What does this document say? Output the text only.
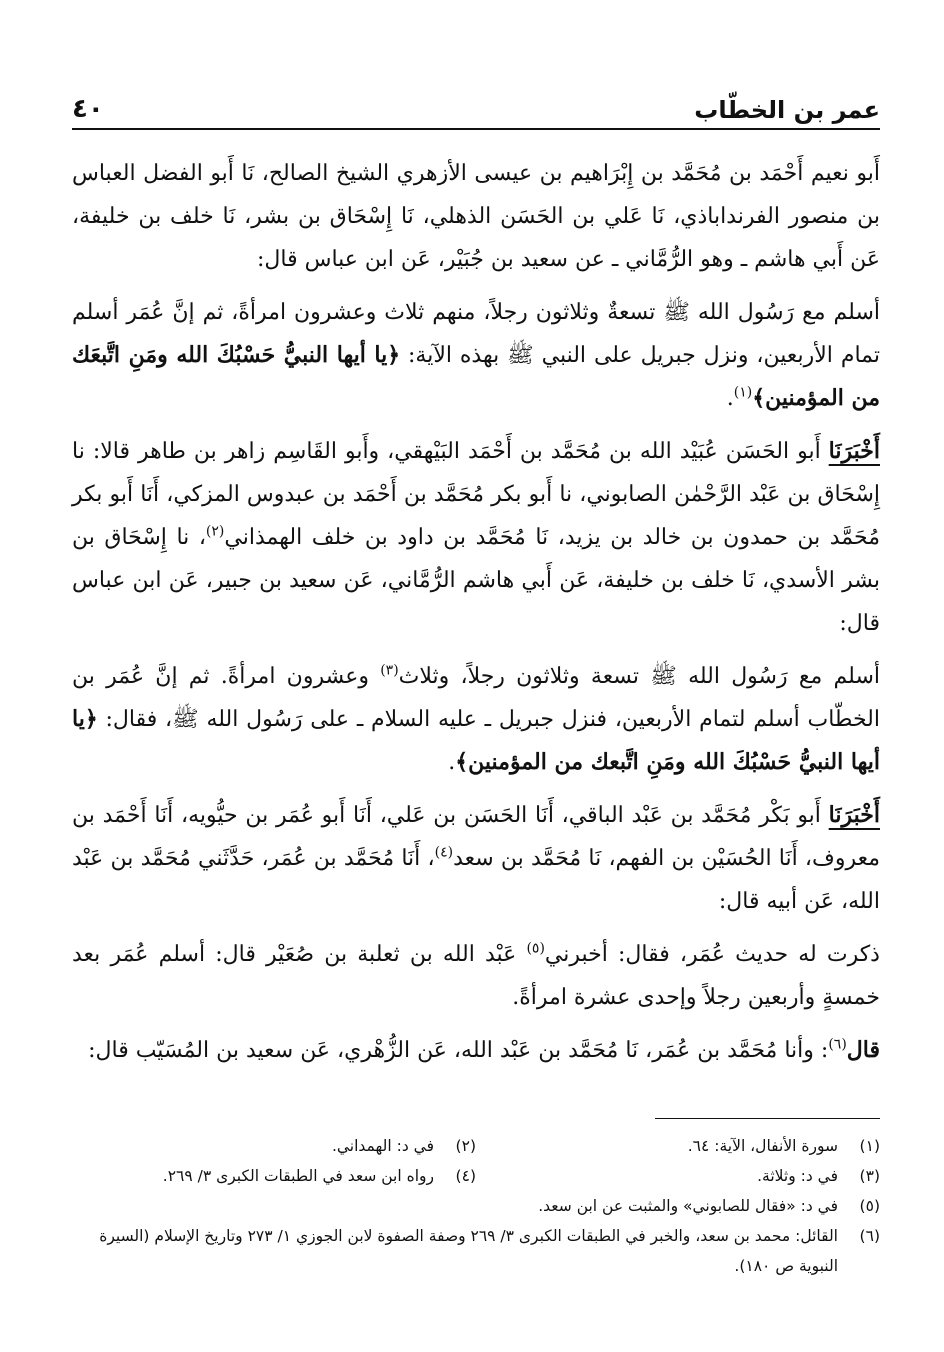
عمر بن الخطّاب
٤٠

أَبو نعيم أَحْمَد بن مُحَمَّد بن إِبْرَاهيم بن عيسى الأزهري الشيخ الصالح، نَا أَبو الفضل العباس بن منصور الفرنداباذي، نَا عَلي بن الحَسَن الذهلي، نَا إِسْحَاق بن بشر، نَا خلف بن خليفة، عَن أَبي هاشم ـ وهو الرُّمَّاني ـ عن سعيد بن جُبَيْر، عَن ابن عباس قال:

أسلم مع رَسُول الله ﷺ تسعةٌ وثلاثون رجلاً، منهم ثلاث وعشرون امرأةً، ثم إنَّ عُمَر أسلم تمام الأربعين، ونزل جبريل على النبي ﷺ بهذه الآية: ﴿يا أيها النبيُّ حَسْبُكَ الله ومَنِ اتَّبعَك من المؤمنين﴾$^{(١)}$.

أَخْبَرَنَا أَبو الحَسَن عُبَيْد الله بن مُحَمَّد بن أَحْمَد البَيْهقي، وأَبو القَاسِم زاهر بن طاهر قالا: نا إِسْحَاق بن عَبْد الرَّحْمٰن الصابوني، نا أَبو بكر مُحَمَّد بن أَحْمَد بن عبدوس المزكي، أَنَا أَبو بكر مُحَمَّد بن حمدون بن خالد بن يزيد، نَا مُحَمَّد بن داود بن خلف الهمذاني$^{(٢)}$، نا إِسْحَاق بن بشر الأسدي، نَا خلف بن خليفة، عَن أَبي هاشم الرُّمَّاني، عَن سعيد بن جبير، عَن ابن عباس قال:

أسلم مع رَسُول الله ﷺ تسعة وثلاثون رجلاً، وثلاث$^{(٣)}$ وعشرون امرأةً. ثم إنَّ عُمَر بن الخطّاب أسلم لتمام الأربعين، فنزل جبريل ـ عليه السلام ـ على رَسُول الله ﷺ، فقال: ﴿يا أيها النبيُّ حَسْبُكَ الله ومَنِ اتَّبعك من المؤمنين﴾.

أَخْبَرَنَا أَبو بَكْر مُحَمَّد بن عَبْد الباقي، أَنَا الحَسَن بن عَلي، أَنَا أَبو عُمَر بن حيُّويه، أَنَا أَحْمَد بن معروف، أَنَا الحُسَيْن بن الفهم، نَا مُحَمَّد بن سعد$^{(٤)}$، أَنَا مُحَمَّد بن عُمَر، حَدَّثَني مُحَمَّد بن عَبْد الله، عَن أبيه قال:

ذكرت له حديث عُمَر، فقال: أخبرني$^{(٥)}$ عَبْد الله بن ثعلبة بن صُعَيْر قال: أسلم عُمَر بعد خمسةٍ وأربعين رجلاً وإحدى عشرة امرأةً.

قال$^{(٦)}$: وأنا مُحَمَّد بن عُمَر، نَا مُحَمَّد بن عَبْد الله، عَن الزُّهْري، عَن سعيد بن المُسَيّب قال:

(١)
سورة الأنفال، الآية: ٦٤.
(٢)
في د: الهمداني.
(٣)
في د: وثلاثة.
(٤)
رواه ابن سعد في الطبقات الكبرى ٣/ ٢٦٩.
(٥)
في د: «فقال للصابوني» والمثبت عن ابن سعد.
(٦)
القائل: محمد بن سعد، والخبر في الطبقات الكبرى ٣/ ٢٦٩ وصفة الصفوة لابن الجوزي ١/ ٢٧٣ وتاريخ الإسلام (السيرة النبوية ص ١٨٠).
